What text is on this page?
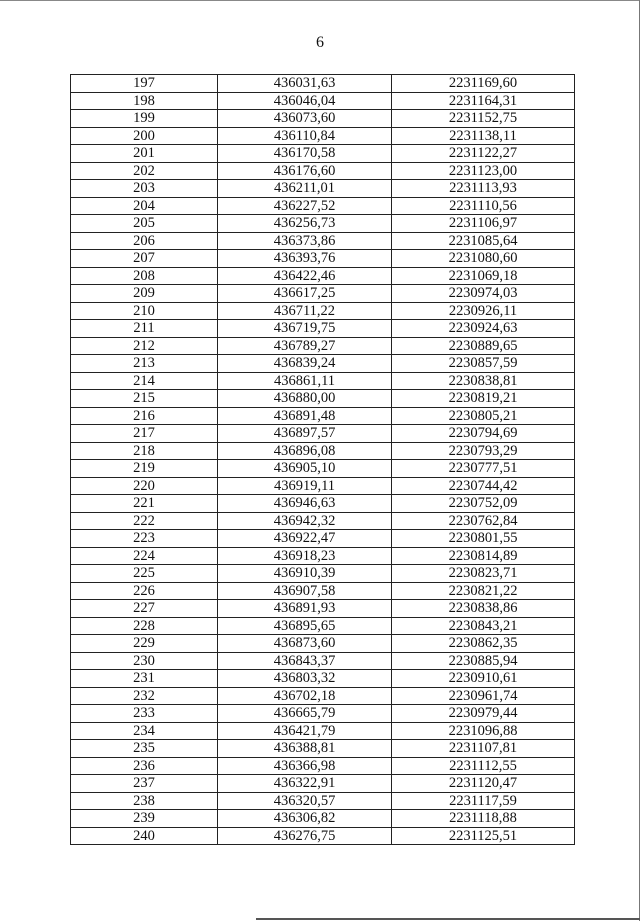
6
197	436031,63	2231169,60
198	436046,04	2231164,31
199	436073,60	2231152,75
200	436110,84	2231138,11
201	436170,58	2231122,27
202	436176,60	2231123,00
203	436211,01	2231113,93
204	436227,52	2231110,56
205	436256,73	2231106,97
206	436373,86	2231085,64
207	436393,76	2231080,60
208	436422,46	2231069,18
209	436617,25	2230974,03
210	436711,22	2230926,11
211	436719,75	2230924,63
212	436789,27	2230889,65
213	436839,24	2230857,59
214	436861,11	2230838,81
215	436880,00	2230819,21
216	436891,48	2230805,21
217	436897,57	2230794,69
218	436896,08	2230793,29
219	436905,10	2230777,51
220	436919,11	2230744,42
221	436946,63	2230752,09
222	436942,32	2230762,84
223	436922,47	2230801,55
224	436918,23	2230814,89
225	436910,39	2230823,71
226	436907,58	2230821,22
227	436891,93	2230838,86
228	436895,65	2230843,21
229	436873,60	2230862,35
230	436843,37	2230885,94
231	436803,32	2230910,61
232	436702,18	2230961,74
233	436665,79	2230979,44
234	436421,79	2231096,88
235	436388,81	2231107,81
236	436366,98	2231112,55
237	436322,91	2231120,47
238	436320,57	2231117,59
239	436306,82	2231118,88
240	436276,75	2231125,51
